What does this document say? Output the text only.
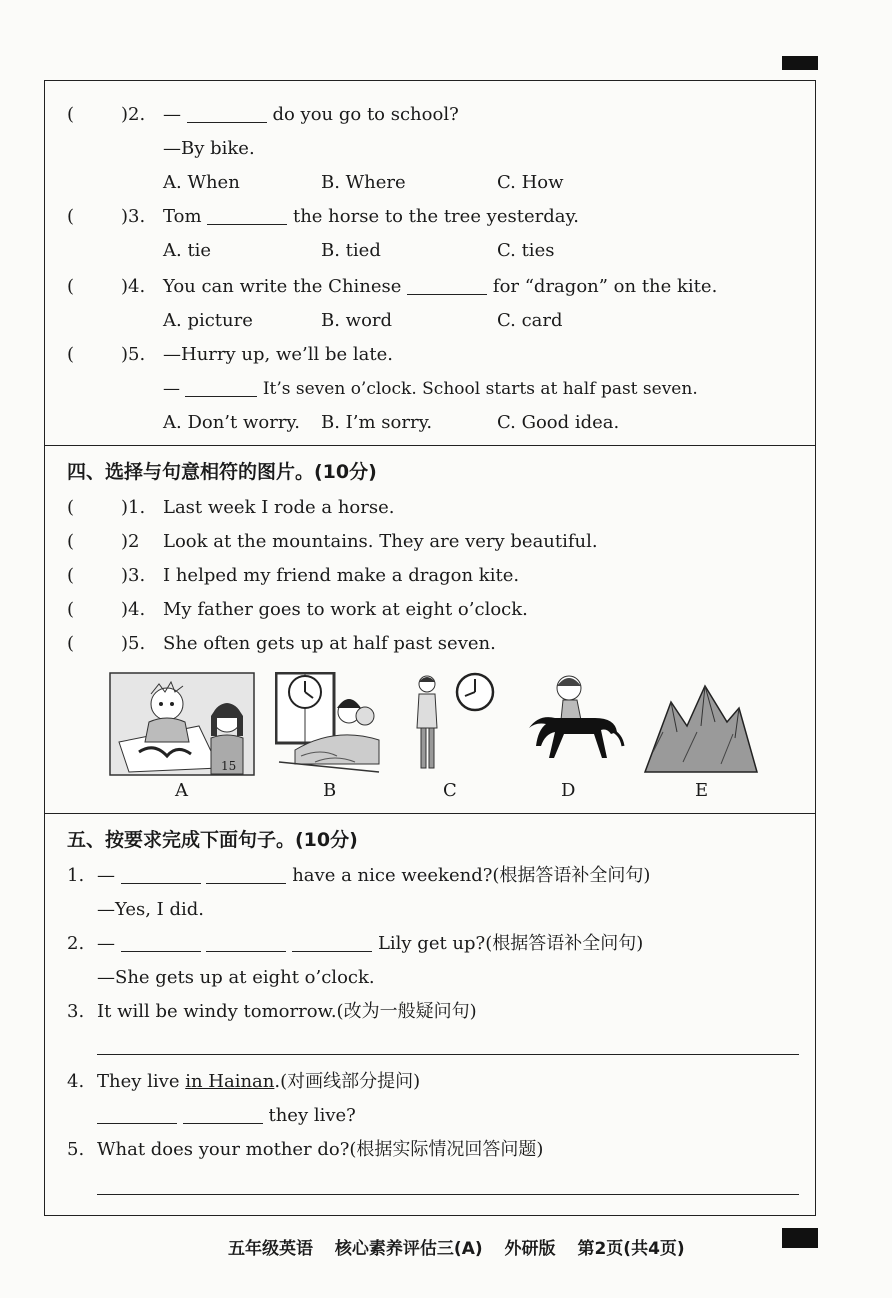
(	)2. —	do you go to school?
—By bike.
A. When	B. Where	C. How
(	)3. Tom	the horse to the tree yesterday.
A. tie	B. tied	C. ties
(	)4. You can write the Chinese	for “dragon” on the kite.
A. picture	B. word	C. card
(	)5. —Hurry up, we’ll be late.
—	It’s seven o’clock. School starts at half past seven.
A. Don’t worry. B. I’m sorry.	C. Good idea.
四、选择与句意相符的图片。(10分)
(	)1. Last week I rode a horse.
(	)2 Look at the mountains. They are very beautiful.
(	)3. I helped my friend make a dragon kite.
(	)4. My father goes to work at eight o’clock.
(	)5. She often gets up at half past seven.
15
A	B	C	D	E
五、按要求完成下面句子。(10分)
1. —	have a nice weekend?(根据答语补全问句)
—Yes, I did.
2. —	Lily get up?(根据答语补全问句)
—She gets up at eight o’clock.
3. It will be windy tomorrow.(改为一般疑问句)
4. They live in Hainan.(对画线部分提问)
they live?
5. What does your mother do?(根据实际情况回答问题)
五年级英语 核心素养评估三(A) 外研版 第2页(共4页)
